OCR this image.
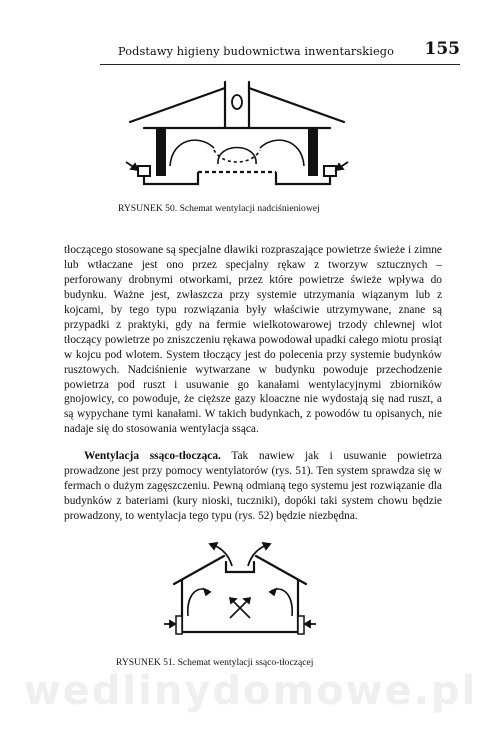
Podstawy higieny budownictwa inwentarskiego 155
RYSUNEK 50. Schemat wentylacji nadciśnieniowej

tłoczącego stosowane są specjalne dławiki rozpraszające powietrze świeże i zimne lub wtłaczane jest ono przez specjalny rękaw z tworzyw sztucznych – perforowany drobnymi otworkami, przez które powietrze świeże wpływa do budynku. Ważne jest, zwłaszcza przy systemie utrzymania wiązanym lub z kojcami, by tego typu rozwiązania były właściwie utrzymywane, znane są przypadki z praktyki, gdy na fermie wielkotowarowej trzody chlewnej wlot tłoczący powietrze po zniszczeniu rękawa powodował upadki całego miotu prosiąt w kojcu pod wlotem. System tłoczący jest do polecenia przy systemie budynków rusztowych. Nadciśnienie wytwarzane w budynku powoduje przechodzenie powietrza pod ruszt i usuwanie go kanałami wentylacyjnymi zbiorników gnojowicy, co powoduje, że cięższe gazy kloaczne nie wydostają się nad ruszt, a są wypychane tymi kanałami. W takich budynkach, z powodów tu opisanych, nie nadaje się do stosowania wentylacja ssąca.

Wentylacja ssąco-tłocząca. Tak nawiew jak i usuwanie powietrza prowadzone jest przy pomocy wentylatorów (rys. 51). Ten system sprawdza się w fermach o dużym zagęszczeniu. Pewną odmianą tego systemu jest rozwiązanie dla budynków z bateriami (kury nioski, tuczniki), dopóki taki system chowu będzie prowadzony, to wentylacja tego typu (rys. 52) będzie niezbędna.

RYSUNEK 51. Schemat wentylacji ssąco-tłoczącej
wedlinydomowe.pl
